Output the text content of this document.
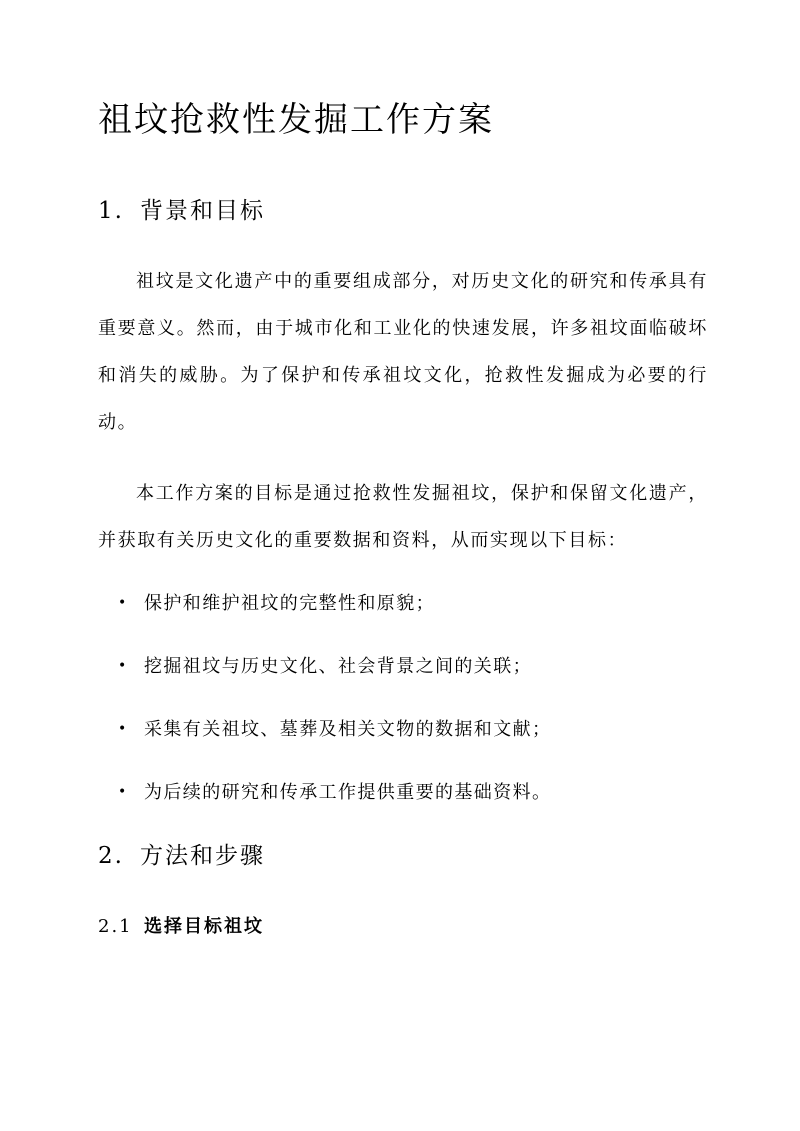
祖坟抢救性发掘工作方案
1. 背景和目标

祖坟是文化遗产中的重要组成部分，对历史文化的研究和传承具有重要意义。然而，由于城市化和工业化的快速发展，许多祖坟面临破坏和消失的威胁。为了保护和传承祖坟文化，抢救性发掘成为必要的行动。

本工作方案的目标是通过抢救性发掘祖坟，保护和保留文化遗产，并获取有关历史文化的重要数据和资料，从而实现以下目标：

• 保护和维护祖坟的完整性和原貌；
• 挖掘祖坟与历史文化、社会背景之间的关联；
• 采集有关祖坟、墓葬及相关文物的数据和文献；
• 为后续的研究和传承工作提供重要的基础资料。
2. 方法和步骤
2.1 选择目标祖坟
